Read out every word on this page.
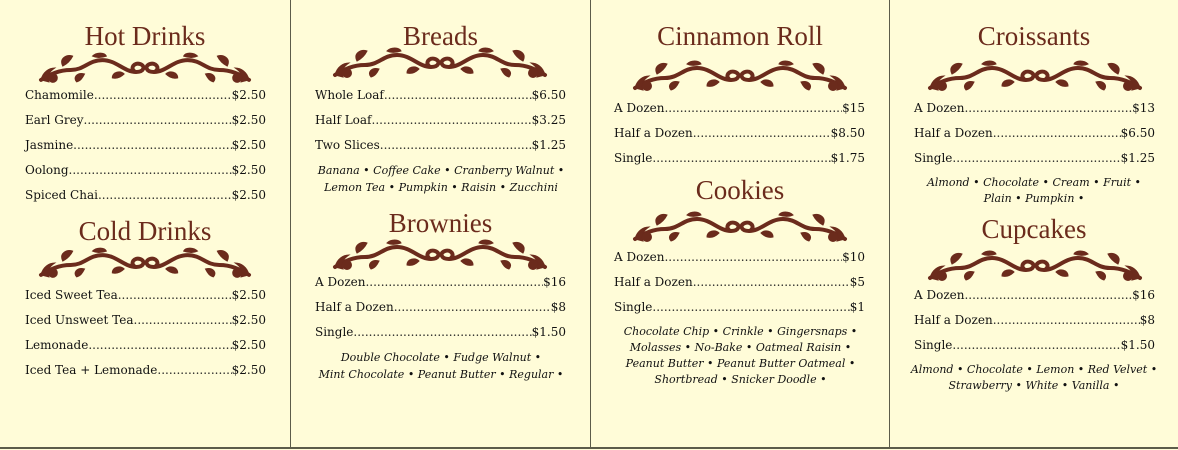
Hot Drinks
Chamomile .....	$2.50
Earl Grey .....	$2.50
Jasmine .....	$2.50
Oolong .....	$2.50
Spiced Chai .....	$2.50
Cold Drinks
Iced Sweet Tea .....	$2.50
Iced Unsweet Tea .....	$2.50
Lemonade .....	$2.50
Iced Tea + Lemonade .....	$2.50
Breads
Whole Loaf .....	$6.50
Half Loaf .....	$3.25
Two Slices .....	$1.25
Banana • Coffee Cake • Cranberry Walnut •
Lemon Tea • Pumpkin • Raisin • Zucchini
Brownies
A Dozen .....	$16
Half a Dozen .....	$8
Single .....	$1.50
Double Chocolate • Fudge Walnut •
Mint Chocolate • Peanut Butter • Regular •
Cinnamon Roll
A Dozen .....	$15
Half a Dozen .....	$8.50
Single .....	$1.75
Cookies
A Dozen .....	$10
Half a Dozen .....	$5
Single .....	$1
Chocolate Chip • Crinkle • Gingersnaps •
Molasses • No-Bake • Oatmeal Raisin •
Peanut Butter • Peanut Butter Oatmeal •
Shortbread • Snicker Doodle •
Croissants
A Dozen .....	$13
Half a Dozen .....	$6.50
Single .....	$1.25
Almond • Chocolate • Cream • Fruit •
Plain • Pumpkin •
Cupcakes
A Dozen .....	$16
Half a Dozen .....	$8
Single .....	$1.50
Almond • Chocolate • Lemon • Red Velvet •
Strawberry • White • Vanilla •
